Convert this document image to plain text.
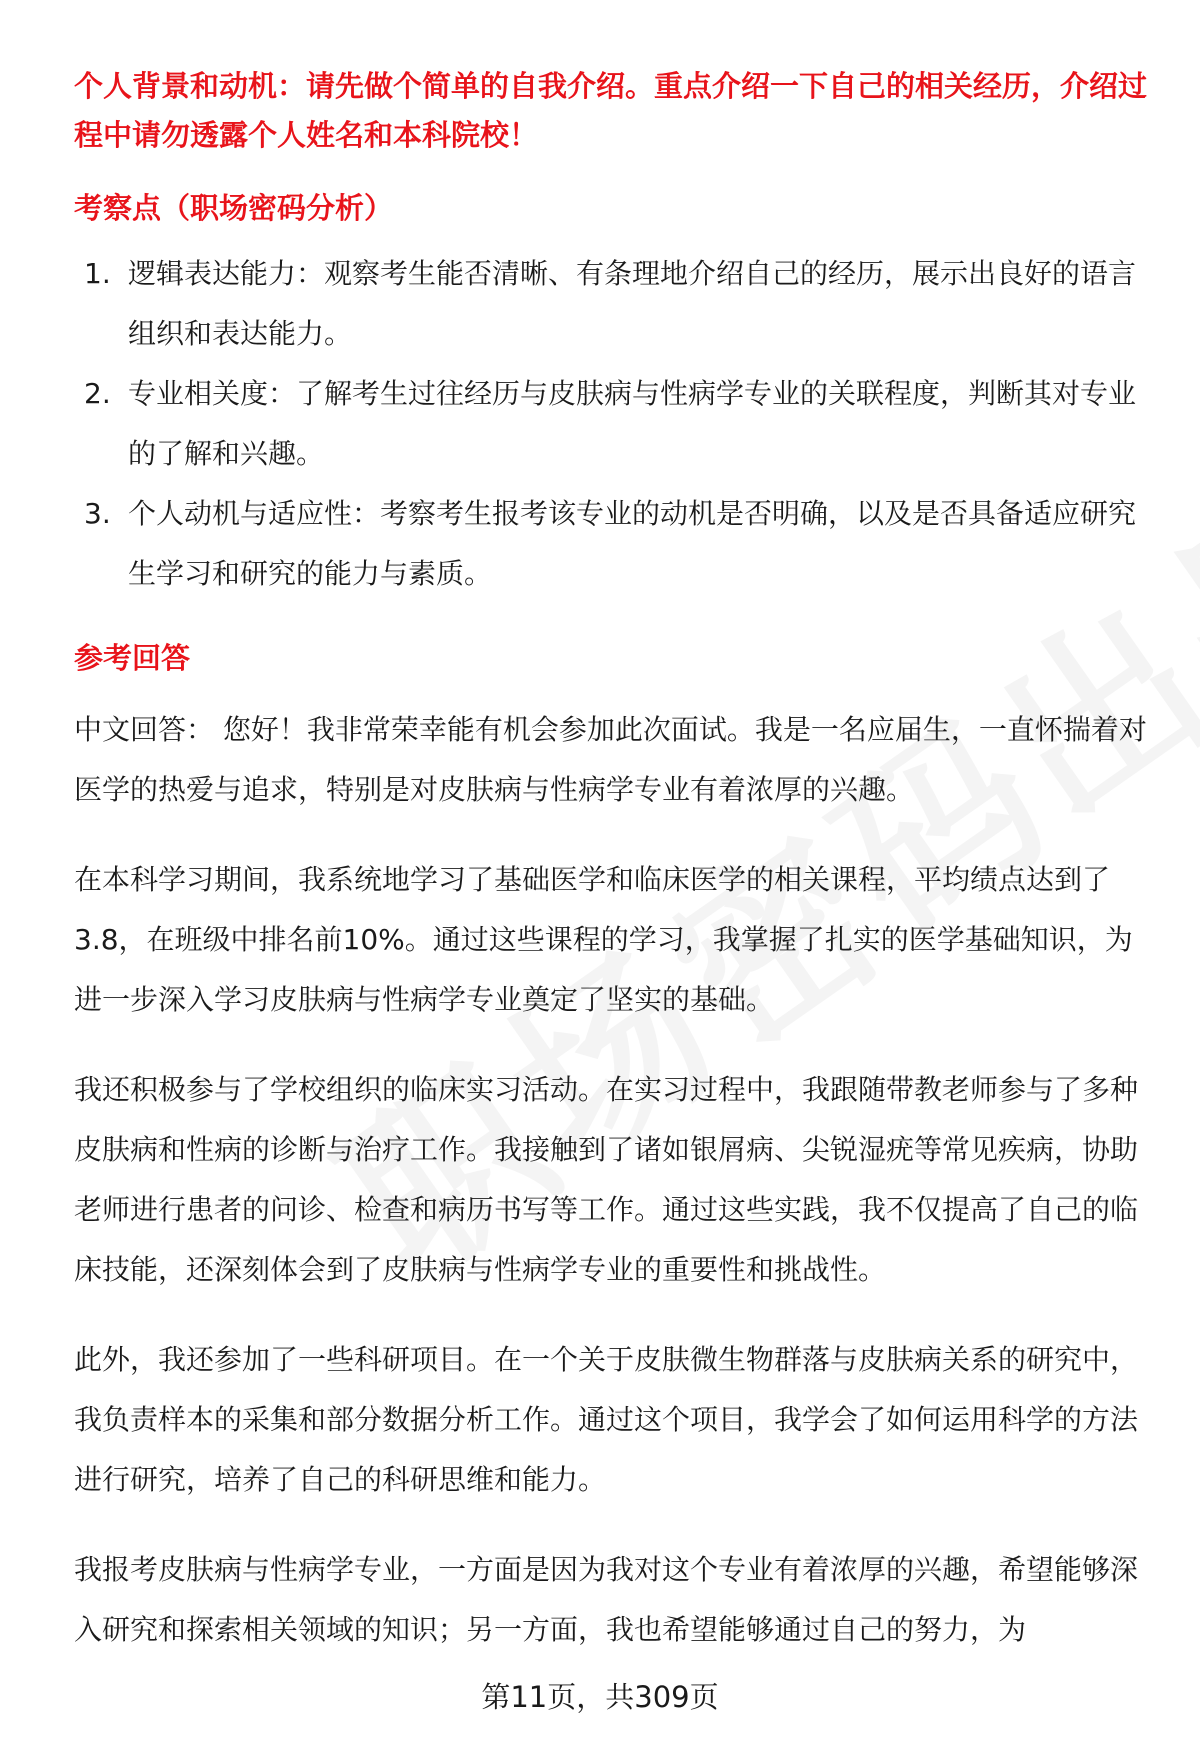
个人背景和动机：请先做个简单的自我介绍。重点介绍一下自己的相关经历，介绍过程中请勿透露个人姓名和本科院校！

考察点（职场密码分析）

1. 逻辑表达能力：观察考生能否清晰、有条理地介绍自己的经历，展示出良好的语言组织和表达能力。
2. 专业相关度：了解考生过往经历与皮肤病与性病学专业的关联程度，判断其对专业的了解和兴趣。
3. 个人动机与适应性：考察考生报考该专业的动机是否明确，以及是否具备适应研究生学习和研究的能力与素质。

参考回答

中文回答： 您好！我非常荣幸能有机会参加此次面试。我是一名应届生，一直怀揣着对医学的热爱与追求，特别是对皮肤病与性病学专业有着浓厚的兴趣。

在本科学习期间，我系统地学习了基础医学和临床医学的相关课程，平均绩点达到了3.8，在班级中排名前10%。通过这些课程的学习，我掌握了扎实的医学基础知识，为进一步深入学习皮肤病与性病学专业奠定了坚实的基础。

我还积极参与了学校组织的临床实习活动。在实习过程中，我跟随带教老师参与了多种皮肤病和性病的诊断与治疗工作。我接触到了诸如银屑病、尖锐湿疣等常见疾病，协助老师进行患者的问诊、检查和病历书写等工作。通过这些实践，我不仅提高了自己的临床技能，还深刻体会到了皮肤病与性病学专业的重要性和挑战性。

此外，我还参加了一些科研项目。在一个关于皮肤微生物群落与皮肤病关系的研究中，我负责样本的采集和部分数据分析工作。通过这个项目，我学会了如何运用科学的方法进行研究，培养了自己的科研思维和能力。

我报考皮肤病与性病学专业，一方面是因为我对这个专业有着浓厚的兴趣，希望能够深入研究和探索相关领域的知识；另一方面，我也希望能够通过自己的努力，为

第11页，共309页
